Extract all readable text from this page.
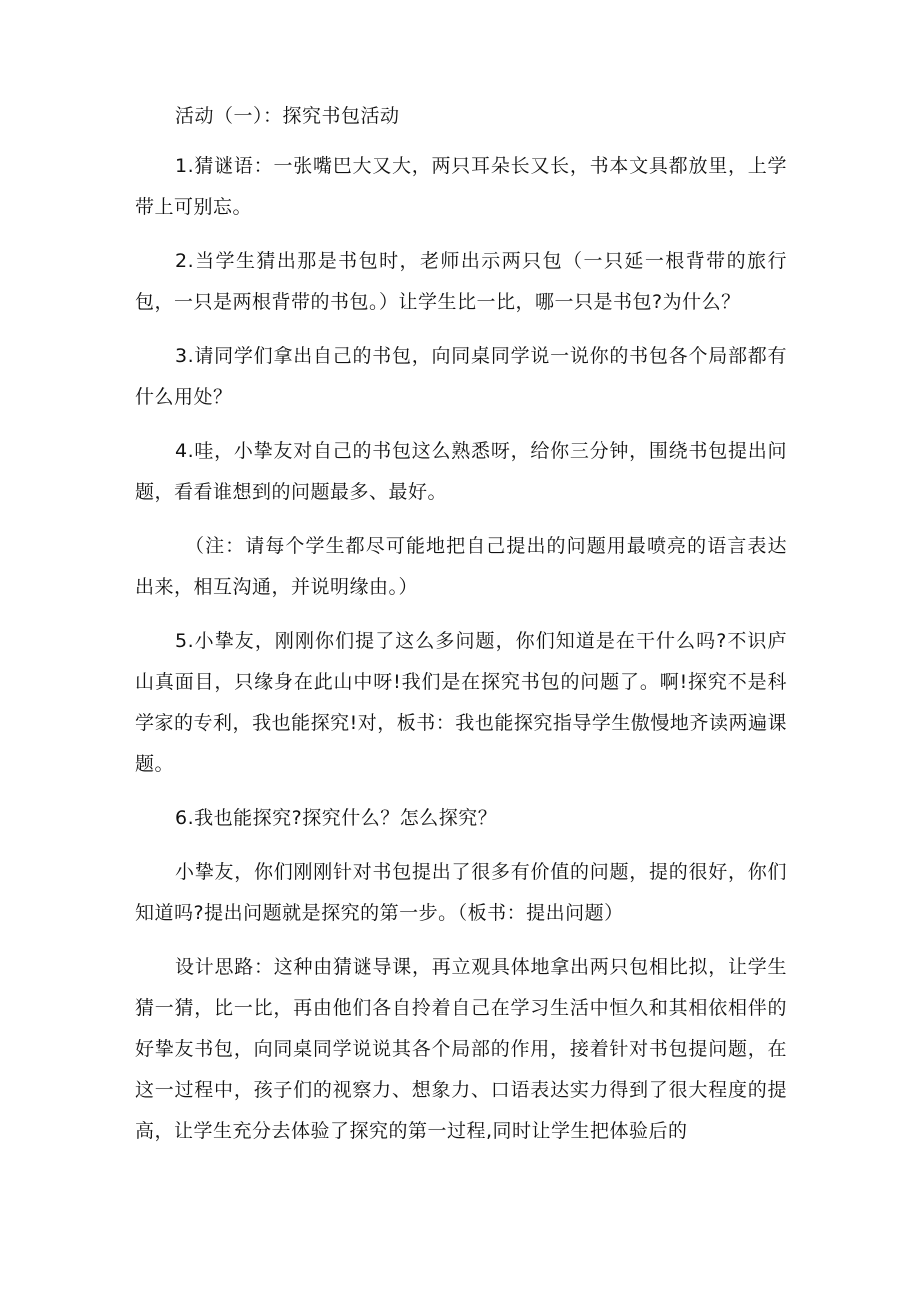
活动（一）：探究书包活动

1.猜谜语：一张嘴巴大又大，两只耳朵长又长，书本文具都放里，上学带上可别忘。

2.当学生猜出那是书包时，老师出示两只包（一只延一根背带的旅行包，一只是两根背带的书包。）让学生比一比，哪一只是书包?为什么？

3.请同学们拿出自己的书包，向同桌同学说一说你的书包各个局部都有什么用处？

4.哇，小挚友对自己的书包这么熟悉呀，给你三分钟，围绕书包提出问题，看看谁想到的问题最多、最好。

（注：请每个学生都尽可能地把自己提出的问题用最喷亮的语言表达出来，相互沟通，并说明缘由。）

5.小挚友，刚刚你们提了这么多问题，你们知道是在干什么吗?不识庐山真面目，只缘身在此山中呀!我们是在探究书包的问题了。啊!探究不是科学家的专利，我也能探究!对，板书：我也能探究指导学生傲慢地齐读两遍课题。

6.我也能探究?探究什么？怎么探究？

小挚友，你们刚刚针对书包提出了很多有价值的问题，提的很好，你们知道吗?提出问题就是探究的第一步。（板书：提出问题）

设计思路：这种由猜谜导课，再立观具体地拿出两只包相比拟，让学生猜一猜，比一比，再由他们各自拎着自己在学习生活中恒久和其相依相伴的好挚友书包，向同桌同学说说其各个局部的作用，接着针对书包提问题，在这一过程中，孩子们的视察力、想象力、口语表达实力得到了很大程度的提高，让学生充分去体验了探究的第一过程,同时让学生把体验后的
